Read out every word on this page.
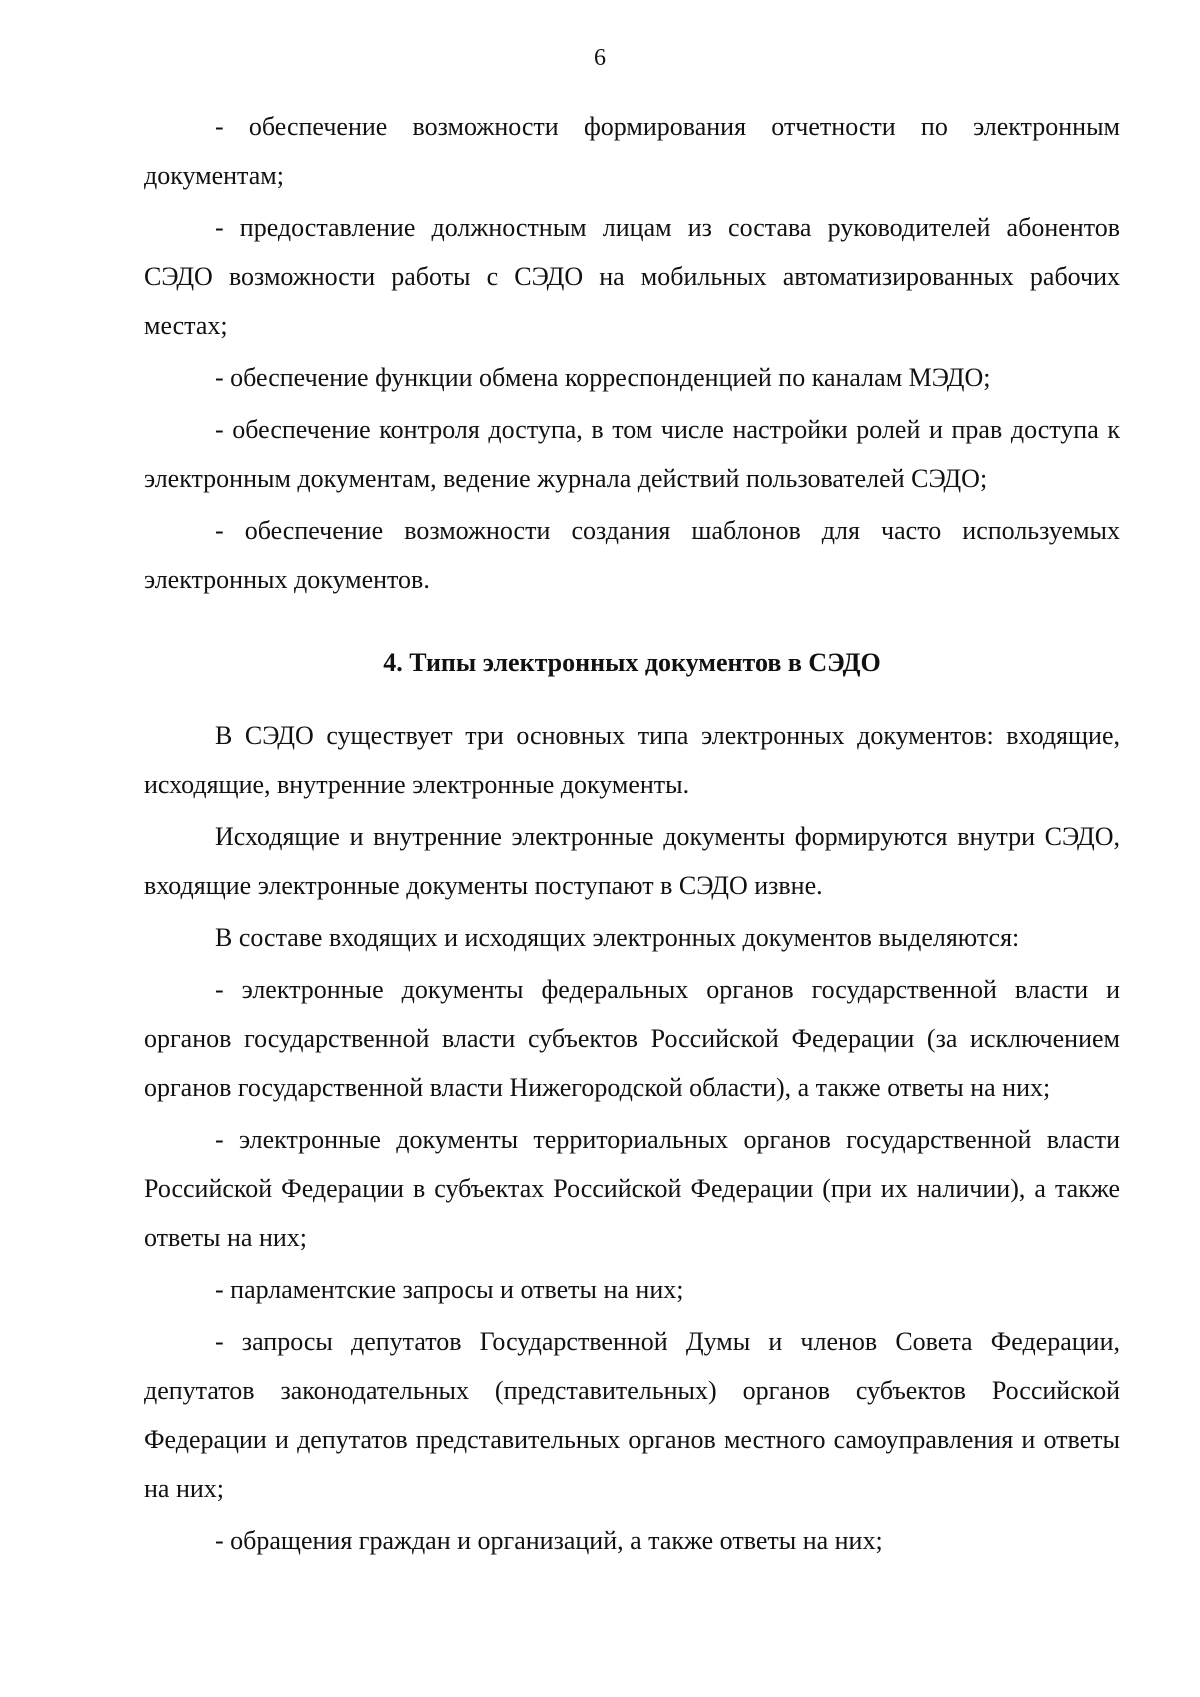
6

- обеспечение возможности формирования отчетности по электронным документам;

- предоставление должностным лицам из состава руководителей абонентов СЭДО возможности работы с СЭДО на мобильных автоматизированных рабочих местах;

- обеспечение функции обмена корреспонденцией по каналам МЭДО;

- обеспечение контроля доступа, в том числе настройки ролей и прав доступа к электронным документам, ведение журнала действий пользователей СЭДО;

- обеспечение возможности создания шаблонов для часто используемых электронных документов.

4. Типы электронных документов в СЭДО

В СЭДО существует три основных типа электронных документов: входящие, исходящие, внутренние электронные документы.

Исходящие и внутренние электронные документы формируются внутри СЭДО, входящие электронные документы поступают в СЭДО извне.

В составе входящих и исходящих электронных документов выделяются:

- электронные документы федеральных органов государственной власти и органов государственной власти субъектов Российской Федерации (за исключением органов государственной власти Нижегородской области), а также ответы на них;

- электронные документы территориальных органов государственной власти Российской Федерации в субъектах Российской Федерации (при их наличии), а также ответы на них;

- парламентские запросы и ответы на них;

- запросы депутатов Государственной Думы и членов Совета Федерации, депутатов законодательных (представительных) органов субъектов Российской Федерации и депутатов представительных органов местного самоуправления и ответы на них;

- обращения граждан и организаций, а также ответы на них;
